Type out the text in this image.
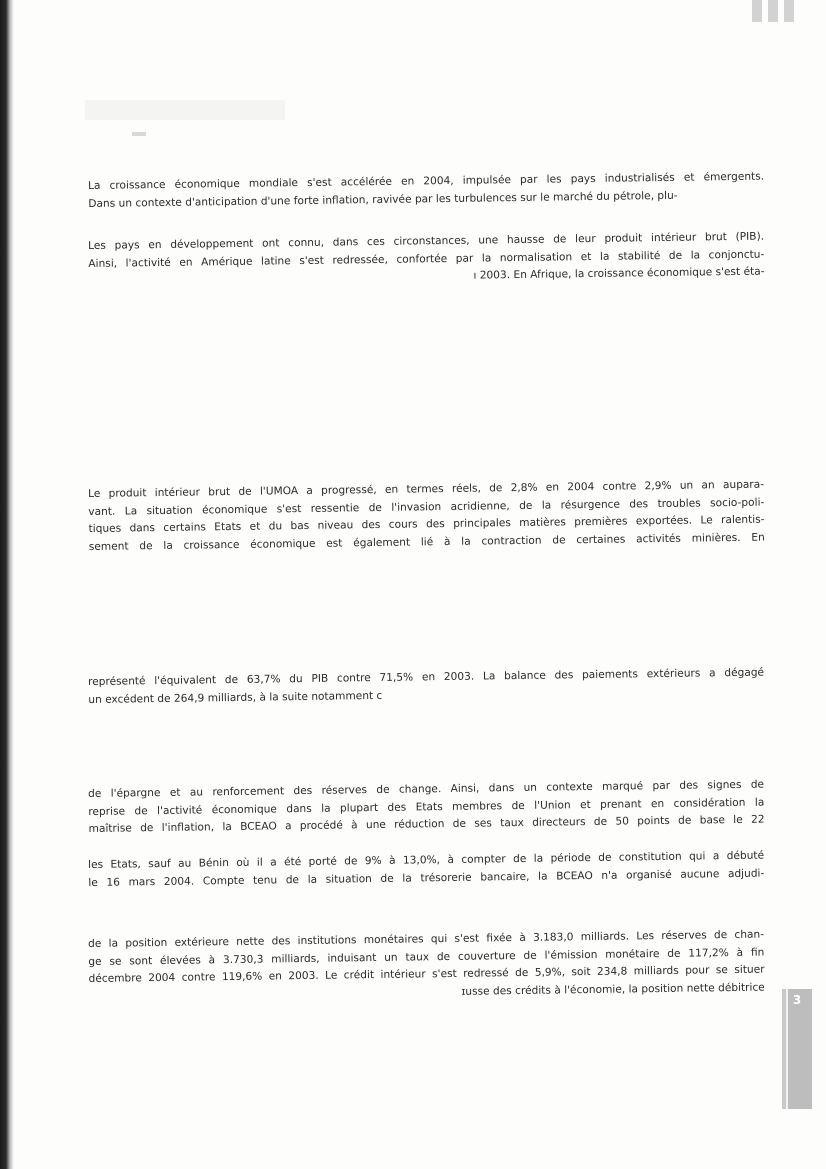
La croissance économique mondiale s'est accélérée en 2004, impulsée par les pays industrialisés et émergents.
Dans un contexte d'anticipation d'une forte inflation, ravivée par les turbulences sur le marché du pétrole, plu-
Les pays en développement ont connu, dans ces circonstances, une hausse de leur produit intérieur brut (PIB).
Ainsi, l'activité en Amérique latine s'est redressée, confortée par la normalisation et la stabilité de la conjonctu-
ı 2003. En Afrique, la croissance économique s'est éta-
Le produit intérieur brut de l'UMOA a progressé, en termes réels, de 2,8% en 2004 contre 2,9% un an aupara-
vant. La situation économique s'est ressentie de l'invasion acridienne, de la résurgence des troubles socio-poli-
tiques dans certains Etats et du bas niveau des cours des principales matières premières exportées. Le ralentis-
sement de la croissance économique est également lié à la contraction de certaines activités minières. En
représenté l'équivalent de 63,7% du PIB contre 71,5% en 2003. La balance des paiements extérieurs a dégagé
un excédent de 264,9 milliards, à la suite notamment c
de l'épargne et au renforcement des réserves de change. Ainsi, dans un contexte marqué par des signes de
reprise de l'activité économique dans la plupart des Etats membres de l'Union et prenant en considération la
maîtrise de l'inflation, la BCEAO a procédé à une réduction de ses taux directeurs de 50 points de base le 22
les Etats, sauf au Bénin où il a été porté de 9% à 13,0%, à compter de la période de constitution qui a débuté
le 16 mars 2004. Compte tenu de la situation de la trésorerie bancaire, la BCEAO n'a organisé aucune adjudi-
de la position extérieure nette des institutions monétaires qui s'est fixée à 3.183,0 milliards. Les réserves de chan-
ge se sont élevées à 3.730,3 milliards, induisant un taux de couverture de l'émission monétaire de 117,2% à fin
décembre 2004 contre 119,6% en 2003. Le crédit intérieur s'est redressé de 5,9%, soit 234,8 milliards pour se situer
ɪusse des crédits à l'économie, la position nette débitrice
3
